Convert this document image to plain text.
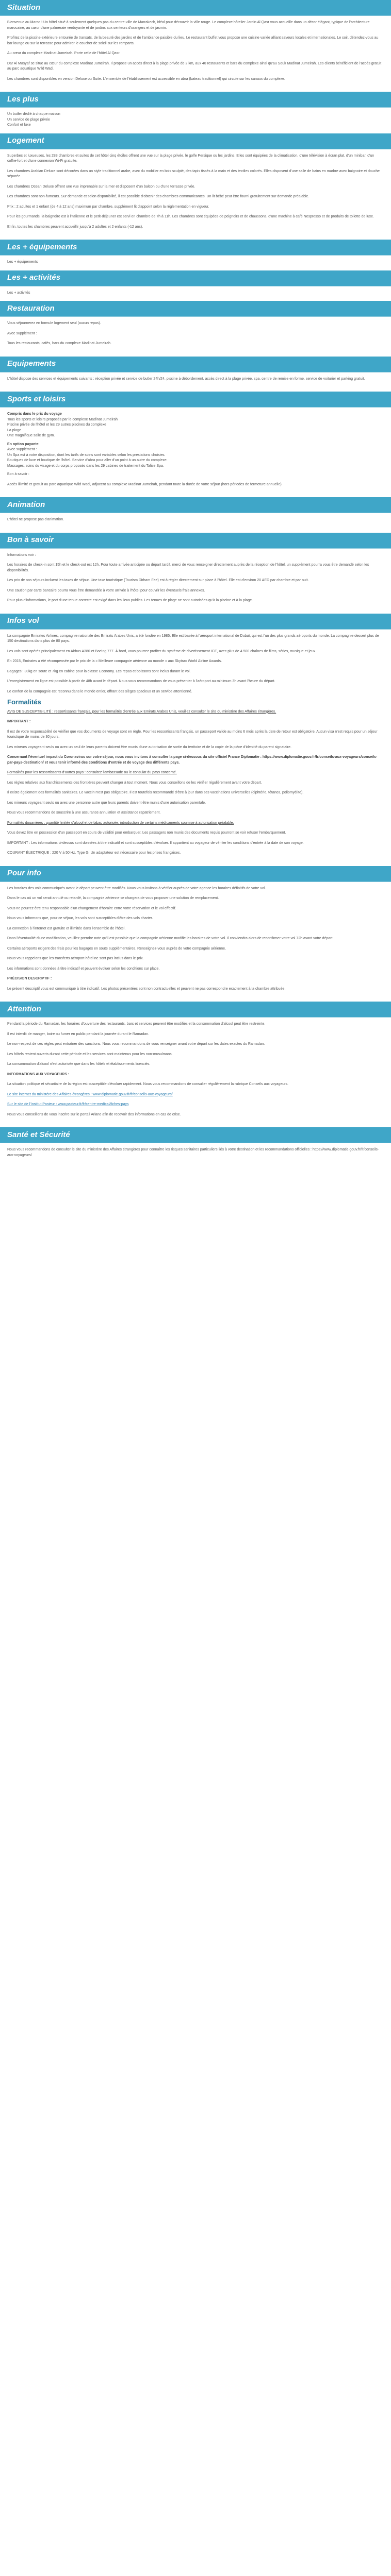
Situation

Bienvenue au Maroc ! Un hôtel situé à seulement quelques pas du centre-ville de Marrakech, idéal pour découvrir la ville rouge. Le complexe hôtelier Jardin Al Qasr vous accueille dans un décor élégant, typique de l'architecture marocaine, au cœur d'une palmeraie verdoyante et de jardins aux senteurs d'orangers et de jasmin.

Profitez de la piscine extérieure entourée de transats, de la beauté des jardins et de l'ambiance paisible du lieu. Le restaurant buffet vous propose une cuisine variée alliant saveurs locales et internationales. Le soir, détendez-vous au bar lounge ou sur la terrasse pour admirer le coucher de soleil sur les remparts.

Au cœur du complexe Madinat Jumeirah. Porte celle de l'hôtel Al Qasr.

Dar Al Masyaf se situe au cœur du complexe Madinat Jumeirah. Il propose un accès direct à la plage privée de 2 km, aux 40 restaurants et bars du complexe ainsi qu'au Souk Madinat Jumeirah. Les clients bénéficient de l'accès gratuit au parc aquatique Wild Wadi.

Les chambres sont disponibles en version Deluxe ou Suite. L'ensemble de l'établissement est accessible en abra (bateau traditionnel) qui circule sur les canaux du complexe.

Les plus
Un butler dédié à chaque maison
Un service de plage privée
Confort et luxe
Logement

Superbes et luxueuses, les 283 chambres et suites de cet hôtel cinq étoiles offrent une vue sur la plage privée, le golfe Persique ou les jardins. Elles sont équipées de la climatisation, d'une télévision à écran plat, d'un minibar, d'un coffre-fort et d'une connexion Wi-Fi gratuite.

Les chambres Arabian Deluxe sont décorées dans un style traditionnel arabe, avec du mobilier en bois sculpté, des tapis tissés à la main et des textiles colorés. Elles disposent d'une salle de bains en marbre avec baignoire et douche séparée.

Les chambres Ocean Deluxe offrent une vue imprenable sur la mer et disposent d'un balcon ou d'une terrasse privée.

Les chambres sont non-fumeurs. Sur demande et selon disponibilité, il est possible d'obtenir des chambres communicantes. Un lit bébé peut être fourni gratuitement sur demande préalable.

Prix : 2 adultes et 1 enfant (de 4 à 12 ans) maximum par chambre, supplément lit d'appoint selon la réglementation en vigueur.

Pour les gourmands, la baignoire est à l'italienne et le petit-déjeuner est servi en chambre de 7h à 11h. Les chambres sont équipées de peignoirs et de chaussons, d'une machine à café Nespresso et de produits de toilette de luxe.

Enfin, toutes les chambres peuvent accueillir jusqu'à 2 adultes et 2 enfants (-12 ans).

Les + équipements
Les + équipements
Les + activités
Les + activités
Restauration

Vous séjournerez en formule logement seul (aucun repas).

Avec supplément :

Tous les restaurants, cafés, bars du complexe Madinat Jumeirah.

Equipements

L'hôtel dispose des services et équipements suivants : réception privée et service de butler 24h/24, piscine à débordement, accès direct à la plage privée, spa, centre de remise en forme, service de voiturier et parking gratuit.

Sports et loisirs
Compris dans le prix du voyage
Tous les sports et loisirs proposés par le complexe Madinat Jumeirah
Piscine privée de l'hôtel et les 29 autres piscines du complexe
La plage
Une magnifique salle de gym.
En option payante
Avec supplément :
Un Spa est à votre disposition, dont les tarifs de soins sont variables selon les prestations choisies.
Boutiques de luxe et boutique de l'hôtel. Service d'abra pour aller d'un point à un autre du complexe.
Massages, soins du visage et du corps proposés dans les 29 cabines de traitement du Talise Spa.

Bon à savoir :

Accès illimité et gratuit au parc aquatique Wild Wadi, adjacent au complexe Madinat Jumeirah, pendant toute la durée de votre séjour (hors périodes de fermeture annuelle).

Animation

L'hôtel ne propose pas d'animation.

Bon à savoir

Informations voir :

Les horaires de check-in sont 15h et le check-out est 12h. Pour toute arrivée anticipée ou départ tardif, merci de vous renseigner directement auprès de la réception de l'hôtel, un supplément pourra vous être demandé selon les disponibilités.

Les prix de nos séjours incluent les taxes de séjour. Une taxe touristique (Tourism Dirham Fee) est à régler directement sur place à l'hôtel. Elle est d'environ 20 AED par chambre et par nuit.

Une caution par carte bancaire pourra vous être demandée à votre arrivée à l'hôtel pour couvrir les éventuels frais annexes.

Pour plus d'informations, le port d'une tenue correcte est exigé dans les lieux publics. Les tenues de plage ne sont autorisées qu'à la piscine et à la plage.

Infos vol

La compagnie Emirates Airlines, compagnie nationale des Emirats Arabes Unis, a été fondée en 1985. Elle est basée à l'aéroport international de Dubaï, qui est l'un des plus grands aéroports du monde. La compagnie dessert plus de 150 destinations dans plus de 80 pays.

Les vols sont opérés principalement en Airbus A380 et Boeing 777. À bord, vous pourrez profiter du système de divertissement ICE, avec plus de 4 500 chaînes de films, séries, musique et jeux.

En 2015, Emirates a été récompensée par le prix de la « Meilleure compagnie aérienne au monde » aux Skytrax World Airline Awards.

Bagages : 30kg en soute et 7kg en cabine pour la classe Economy. Les repas et boissons sont inclus durant le vol.

L'enregistrement en ligne est possible à partir de 48h avant le départ. Nous vous recommandons de vous présenter à l'aéroport au minimum 3h avant l'heure du départ.

Le confort de la compagnie est reconnu dans le monde entier, offrant des sièges spacieux et un service attentionné.

Formalités

AVIS DE SUSCEPTIBILITÉ : ressortissants français, pour les formalités d'entrée aux Emirats Arabes Unis, veuillez consulter le site du ministère des Affaires étrangères.

IMPORTANT :

Il est de votre responsabilité de vérifier que vos documents de voyage sont en règle. Pour les ressortissants français, un passeport valide au moins 6 mois après la date de retour est obligatoire. Aucun visa n'est requis pour un séjour touristique de moins de 30 jours.

Les mineurs voyageant seuls ou avec un seul de leurs parents doivent être munis d'une autorisation de sortie du territoire et de la copie de la pièce d'identité du parent signataire.

Concernant l'éventuel impact du Coronavirus sur votre séjour, nous vous invitons à consulter la page ci-dessous du site officiel France Diplomatie : https://www.diplomatie.gouv.fr/fr/conseils-aux-voyageurs/conseils-par-pays-destination/ et vous tenir informé des conditions d'entrée et de voyage des différents pays.

Formalités pour les ressortissants d'autres pays : consultez l'ambassade ou le consulat du pays concerné.

Les règles relatives aux franchissements des frontières peuvent changer à tout moment. Nous vous conseillons de les vérifier régulièrement avant votre départ.

Il existe également des formalités sanitaires. Le vaccin n'est pas obligatoire. Il est toutefois recommandé d'être à jour dans ses vaccinations universelles (diphtérie, tétanos, poliomyélite).

Les mineurs voyageant seuls ou avec une personne autre que leurs parents doivent être munis d'une autorisation parentale.

Nous vous recommandons de souscrire à une assurance annulation et assistance rapatriement.

Formalités douanières : quantité limitée d'alcool et de tabac autorisée, introduction de certains médicaments soumise à autorisation préalable.

Vous devez être en possession d'un passeport en cours de validité pour embarquer. Les passagers non munis des documents requis pourront se voir refuser l'embarquement.

IMPORTANT : Les informations ci-dessus sont données à titre indicatif et sont susceptibles d'évoluer. Il appartient au voyageur de vérifier les conditions d'entrée à la date de son voyage.

COURANT ÉLECTRIQUE : 220 V à 50 Hz. Type G. Un adaptateur est nécessaire pour les prises françaises.

Pour info

Les horaires des vols communiqués avant le départ peuvent être modifiés. Nous vous invitons à vérifier auprès de votre agence les horaires définitifs de votre vol.

Dans le cas où un vol serait annulé ou retardé, la compagnie aérienne se chargera de vous proposer une solution de remplacement.

Vous ne pourrez être tenu responsable d'un changement d'horaire entre votre réservation et le vol effectif.

Nous vous informons que, pour ce séjour, les vols sont susceptibles d'être des vols charter.

La connexion à l'internet est gratuite et illimitée dans l'ensemble de l'hôtel.

Dans l'éventualité d'une modification, veuillez prendre note qu'il est possible que la compagnie aérienne modifie les horaires de votre vol. Il conviendra alors de reconfirmer votre vol 72h avant votre départ.

Certains aéroports exigent des frais pour les bagages en soute supplémentaires. Renseignez-vous auprès de votre compagnie aérienne.

Nous vous rappelons que les transferts aéroport-hôtel ne sont pas inclus dans le prix.

Les informations sont données à titre indicatif et peuvent évoluer selon les conditions sur place.

PRÉCISION DESCRIPTIF :

Le présent descriptif vous est communiqué à titre indicatif. Les photos présentées sont non contractuelles et peuvent ne pas correspondre exactement à la chambre attribuée.

Attention

Pendant la période du Ramadan, les horaires d'ouverture des restaurants, bars et services peuvent être modifiés et la consommation d'alcool peut être restreinte.

Il est interdit de manger, boire ou fumer en public pendant la journée durant le Ramadan.

Le non-respect de ces règles peut entraîner des sanctions. Nous vous recommandons de vous renseigner avant votre départ sur les dates exactes du Ramadan.

Les hôtels restent ouverts durant cette période et les services sont maintenus pour les non-musulmans.

La consommation d'alcool n'est autorisée que dans les hôtels et établissements licenciés.

INFORMATIONS AUX VOYAGEURS :

La situation politique et sécuritaire de la région est susceptible d'évoluer rapidement. Nous vous recommandons de consulter régulièrement la rubrique Conseils aux voyageurs.

Le site internet du ministère des Affaires étrangères : www.diplomatie.gouv.fr/fr/conseils-aux-voyageurs/

Sur le site de l'Institut Pasteur : www.pasteur.fr/fr/centre-medical/fiches-pays

Nous vous conseillons de vous inscrire sur le portail Ariane afin de recevoir des informations en cas de crise.

Santé et Sécurité

Nous vous recommandons de consulter le site du ministère des Affaires étrangères pour connaître les risques sanitaires particuliers liés à votre destination et les recommandations officielles : https://www.diplomatie.gouv.fr/fr/conseils-aux-voyageurs/
